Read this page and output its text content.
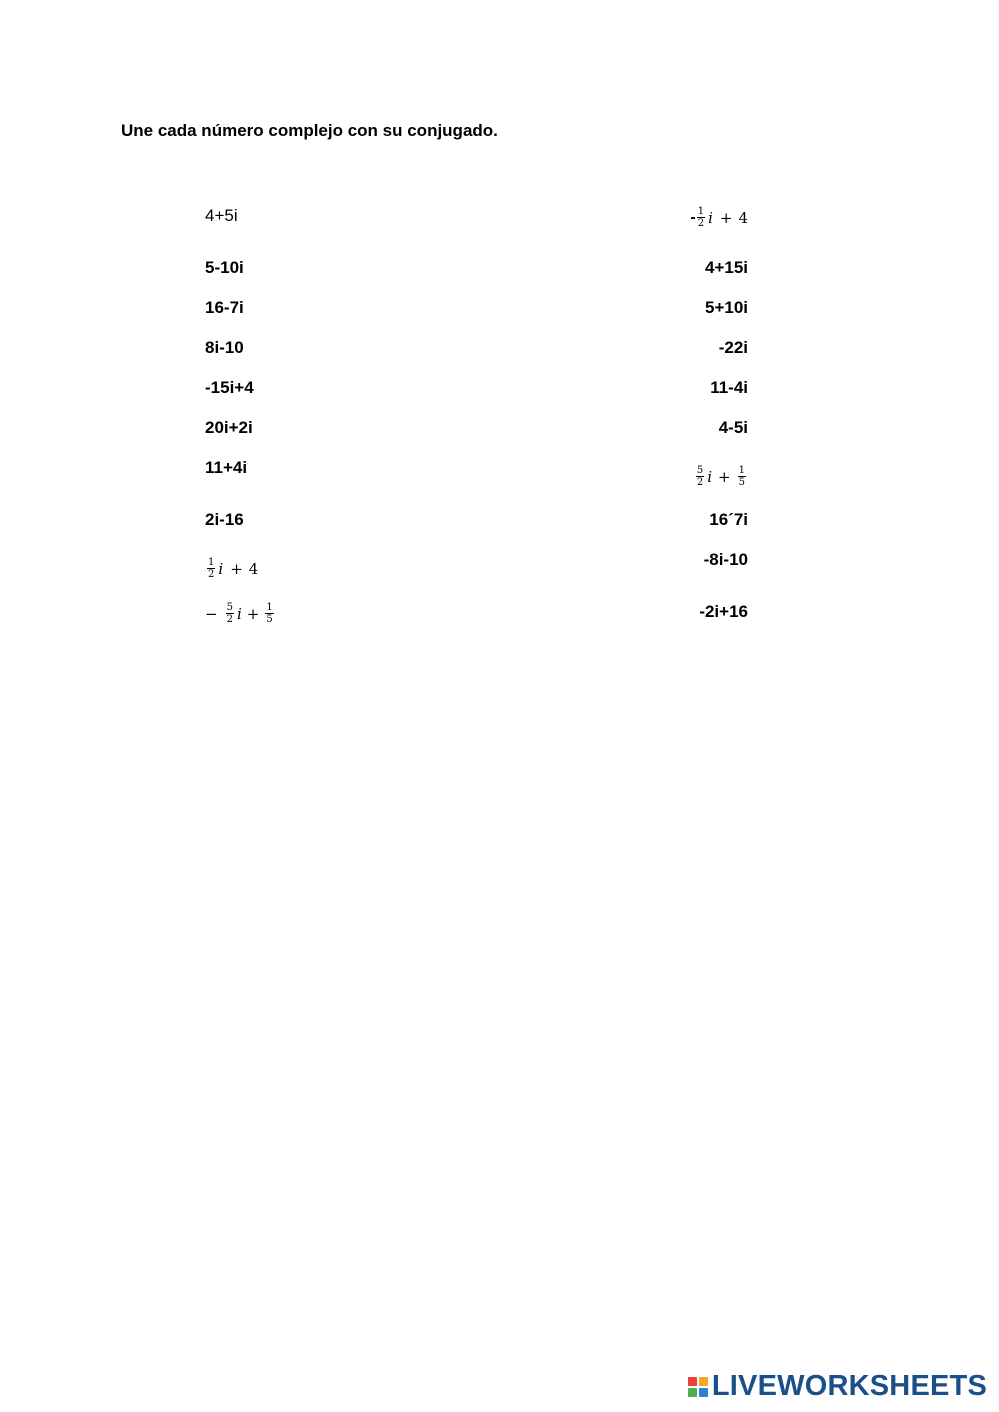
Une cada número complejo con su conjugado.
4+5i
5-10i
16-7i
8i-10
-15i+4
20i+2i
11+4i
2i-16
$\frac{1}{2}$ i + 4
− $\frac{5}{2}$ $i + \frac{1}{5}$
- $\frac{1}{2}$ i + 4
4+15i
5+10i
-22i
11-4i
4-5i
$\frac{5}{2}$ $i + \frac{1}{5}$
16´7i
-8i-10
-2i+16
LIVEWORKSHEETS
